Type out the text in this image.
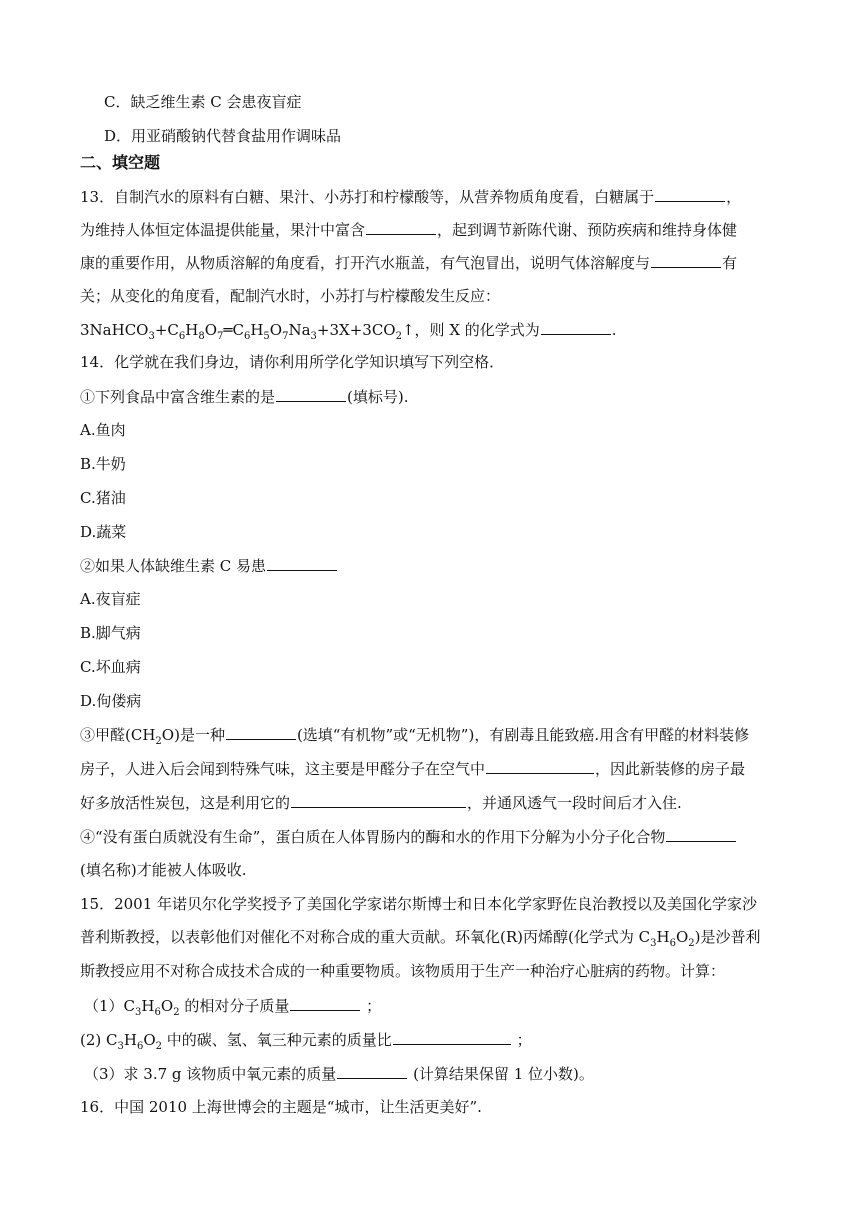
C．缺乏维生素 C 会患夜盲症
D．用亚硝酸钠代替食盐用作调味品
二、填空题
13．自制汽水的原料有白糖、果汁、小苏打和柠檬酸等，从营养物质角度看，白糖属于	，
为维持人体恒定体温提供能量，果汁中富含	，起到调节新陈代谢、预防疾病和维持身体健
康的重要作用，从物质溶解的角度看，打开汽水瓶盖，有气泡冒出，说明气体溶解度与	有
关；从变化的角度看，配制汽水时，小苏打与柠檬酸发生反应：
$3NaHCO_3+C_6H_8O_7═C_6H_5O_7Na_3+3X+3CO_2↑$，则 X 的化学式为	.
14．化学就在我们身边，请你利用所学化学知识填写下列空格．
①下列食品中富含维生素的是	(填标号).
A.鱼肉
B.牛奶
C.猪油
D.蔬菜
②如果人体缺维生素 C 易患
A.夜盲症
B.脚气病
C.坏血病
D.佝偻病
③甲醛$(CH_2O)$是一种	(选填“有机物”或“无机物”)，有剧毒且能致癌.用含有甲醛的材料装修
房子，人进入后会闻到特殊气味，这主要是甲醛分子在空气中	，因此新装修的房子最
好多放活性炭包，这是利用它的	，并通风透气一段时间后才入住.
④“没有蛋白质就没有生命”，蛋白质在人体胃肠内的酶和水的作用下分解为小分子化合物
(填名称)才能被人体吸收.
15．2001 年诺贝尔化学奖授予了美国化学家诺尔斯博士和日本化学家野佐良治教授以及美国化学家沙
普利斯教授，以表彰他们对催化不对称合成的重大贡献。环氧化(R)丙烯醇(化学式为 $C_3H_6O_2$)是沙普利
斯教授应用不对称合成技术合成的一种重要物质。该物质用于生产一种治疗心脏病的药物。计算：
$(1)C_3H_6O_2$ 的相对分子质量	；
(2) $C_3H_6O_2$ 中的碳、氢、氧三种元素的质量比	；
（3）求 3.7 g 该物质中氧元素的质量	(计算结果保留 1 位小数)。
16．中国 2010 上海世博会的主题是“城市，让生活更美好”.
